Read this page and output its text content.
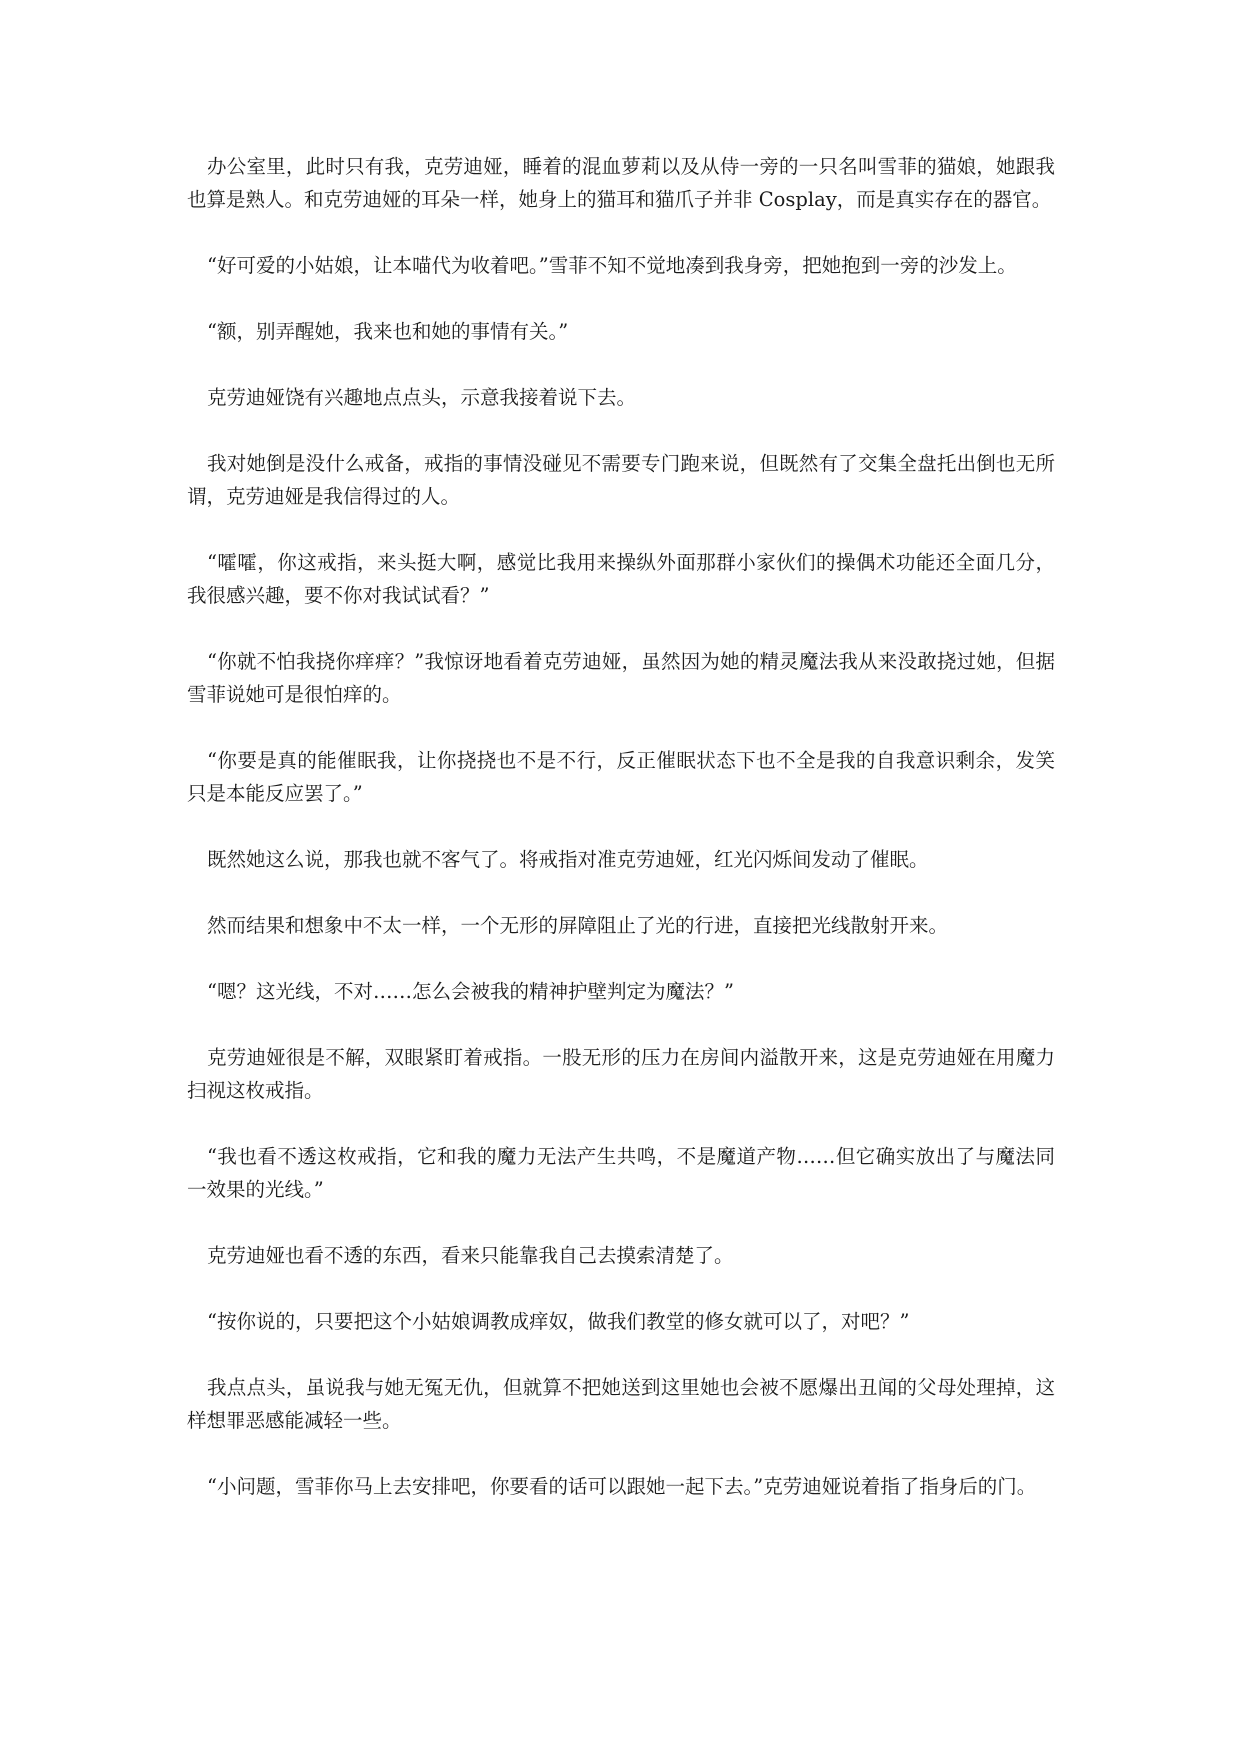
办公室里，此时只有我，克劳迪娅，睡着的混血萝莉以及从侍一旁的一只名叫雪菲的猫娘，她跟我也算是熟人。和克劳迪娅的耳朵一样，她身上的猫耳和猫爪子并非 Cosplay，而是真实存在的器官。

“好可爱的小姑娘，让本喵代为收着吧。”雪菲不知不觉地凑到我身旁，把她抱到一旁的沙发上。

“额，别弄醒她，我来也和她的事情有关。”

克劳迪娅饶有兴趣地点点头，示意我接着说下去。

我对她倒是没什么戒备，戒指的事情没碰见不需要专门跑来说，但既然有了交集全盘托出倒也无所谓，克劳迪娅是我信得过的人。

“嚯嚯，你这戒指，来头挺大啊，感觉比我用来操纵外面那群小家伙们的操偶术功能还全面几分，我很感兴趣，要不你对我试试看？”

“你就不怕我挠你痒痒？”我惊讶地看着克劳迪娅，虽然因为她的精灵魔法我从来没敢挠过她，但据雪菲说她可是很怕痒的。

“你要是真的能催眠我，让你挠挠也不是不行，反正催眠状态下也不全是我的自我意识剩余，发笑只是本能反应罢了。”

既然她这么说，那我也就不客气了。将戒指对准克劳迪娅，红光闪烁间发动了催眠。

然而结果和想象中不太一样，一个无形的屏障阻止了光的行进，直接把光线散射开来。

“嗯？这光线，不对……怎么会被我的精神护壁判定为魔法？”

克劳迪娅很是不解，双眼紧盯着戒指。一股无形的压力在房间内溢散开来，这是克劳迪娅在用魔力扫视这枚戒指。

“我也看不透这枚戒指，它和我的魔力无法产生共鸣，不是魔道产物……但它确实放出了与魔法同一效果的光线。”

克劳迪娅也看不透的东西，看来只能靠我自己去摸索清楚了。

“按你说的，只要把这个小姑娘调教成痒奴，做我们教堂的修女就可以了，对吧？”

我点点头，虽说我与她无冤无仇，但就算不把她送到这里她也会被不愿爆出丑闻的父母处理掉，这样想罪恶感能减轻一些。

“小问题，雪菲你马上去安排吧，你要看的话可以跟她一起下去。”克劳迪娅说着指了指身后的门。
